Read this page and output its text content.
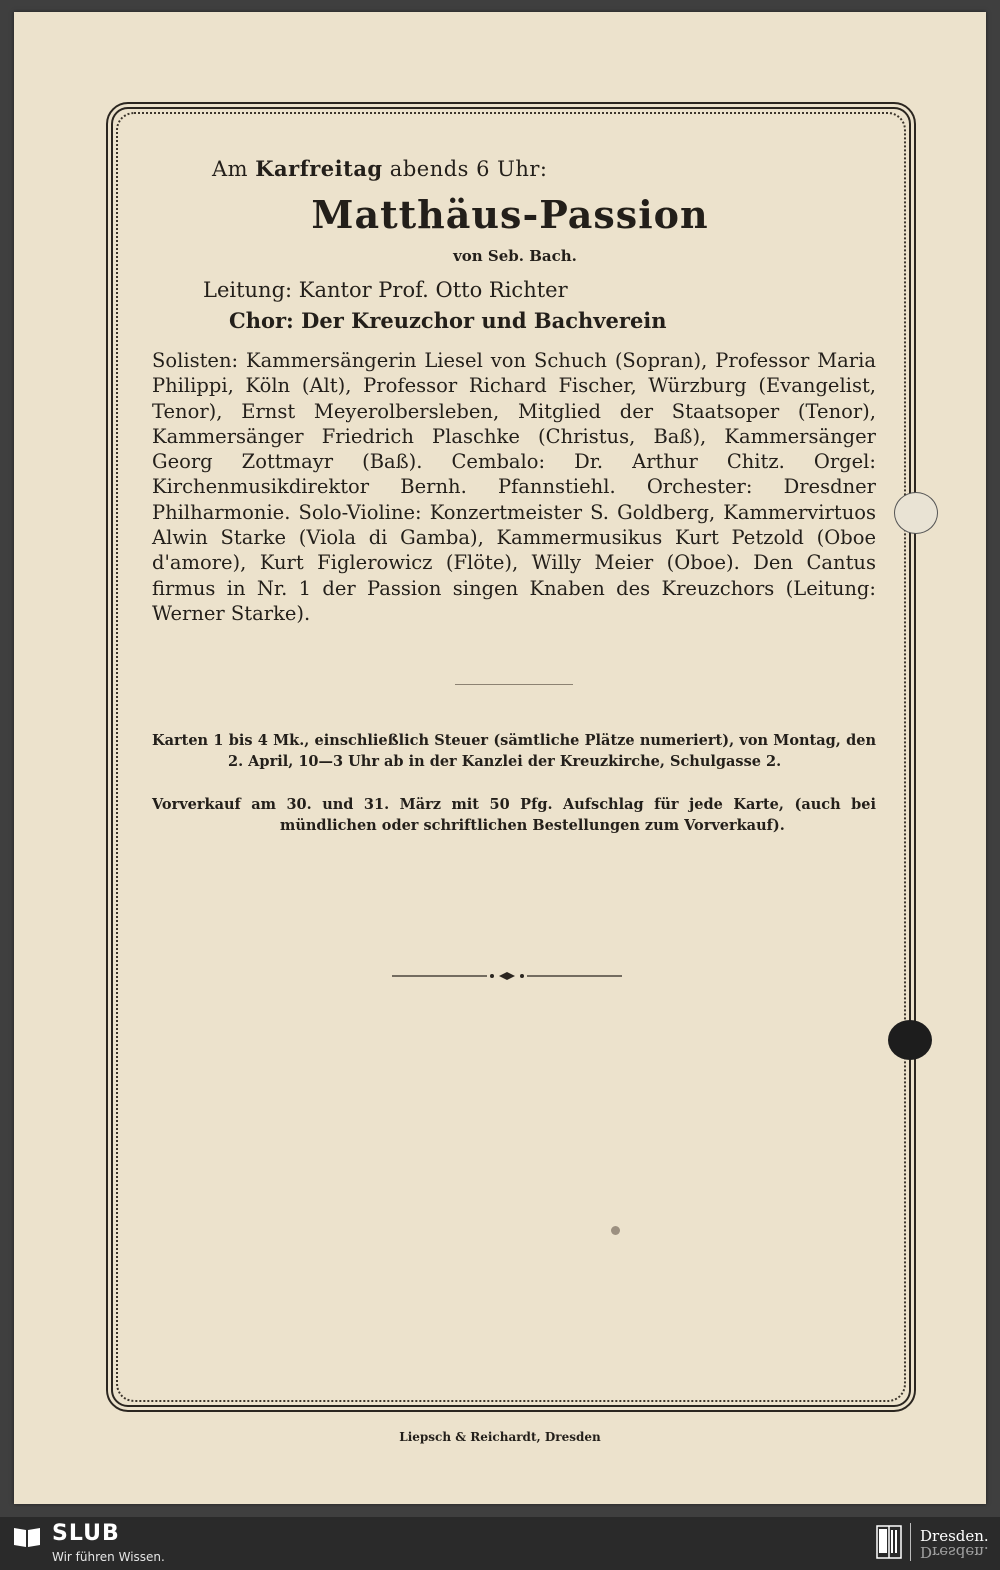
Am Karfreitag abends 6 Uhr:
Matthäus-Passion
von Seb. Bach.
Leitung: Kantor Prof. Otto Richter
Chor: Der Kreuzchor und Bachverein
Solisten: Kammersängerin Liesel von Schuch (Sopran), Professor Maria Philippi, Köln (Alt), Professor Richard Fischer, Würzburg (Evangelist, Tenor), Ernst Meyerolbersleben, Mitglied der Staatsoper (Tenor), Kammersänger Friedrich Plaschke (Christus, Baß), Kammersänger Georg Zottmayr (Baß). Cembalo: Dr. Arthur Chitz. Orgel: Kirchenmusikdirektor Bernh. Pfannstiehl. Orchester: Dresdner Philharmonie. Solo-Violine: Konzertmeister S. Goldberg, Kammervirtuos Alwin Starke (Viola di Gamba), Kammermusikus Kurt Petzold (Oboe d'amore), Kurt Figlerowicz (Flöte), Willy Meier (Oboe). Den Cantus firmus in Nr. 1 der Passion singen Knaben des Kreuzchors (Leitung: Werner Starke).
Karten 1 bis 4 Mk., einschließlich Steuer (sämtliche Plätze numeriert), von Montag, den 2. April, 10—3 Uhr ab in der Kanzlei der Kreuzkirche, Schulgasse 2.
Vorverkauf am 30. und 31. März mit 50 Pfg. Aufschlag für jede Karte, (auch bei mündlichen oder schriftlichen Bestellungen zum Vorverkauf).
Liepsch & Reichardt, Dresden
SLUB
Wir führen Wissen.
Dresden.
Dresden.
